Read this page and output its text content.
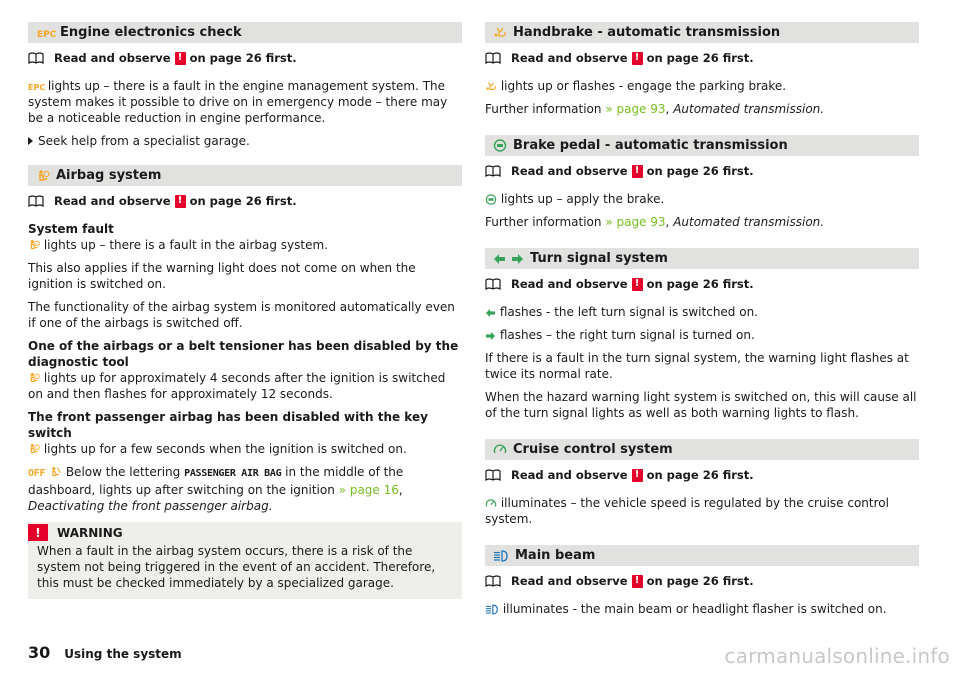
EPC Engine electronics check
Read and observe ! on page 26 first.

EPC lights up – there is a fault in the engine management system. The system makes it possible to drive on in emergency mode – there may be a noticeable reduction in engine performance.

Seek help from a specialist garage.
Airbag system
Read and observe ! on page 26 first.

System fault

lights up – there is a fault in the airbag system.

This also applies if the warning light does not come on when the ignition is switched on.

The functionality of the airbag system is monitored automatically even if one of the airbags is switched off.

One of the airbags or a belt tensioner has been disabled by the diagnostic tool

lights up for approximately 4 seconds after the ignition is switched on and then flashes for approximately 12 seconds.

The front passenger airbag has been disabled with the key switch

lights up for a few seconds when the ignition is switched on.

OFF Below the lettering PASSENGER AIR BAG in the middle of the dashboard, lights up after switching on the ignition » page 16, Deactivating the front passenger airbag.

!	WARNING
When a fault in the airbag system occurs, there is a risk of the system not being triggered in the event of an accident. Therefore, this must be checked immediately by a specialized garage.
Handbrake - automatic transmission
Read and observe ! on page 26 first.

lights up or flashes - engage the parking brake.

Further information » page 93, Automated transmission.

Brake pedal - automatic transmission
Read and observe ! on page 26 first.

lights up – apply the brake.

Further information » page 93, Automated transmission.

Turn signal system
Read and observe ! on page 26 first.

flashes - the left turn signal is switched on.

flashes – the right turn signal is turned on.

If there is a fault in the turn signal system, the warning light flashes at twice its normal rate.

When the hazard warning light system is switched on, this will cause all of the turn signal lights as well as both warning lights to flash.

Cruise control system
Read and observe ! on page 26 first.

illuminates – the vehicle speed is regulated by the cruise control system.

Main beam
Read and observe ! on page 26 first.

illuminates - the main beam or headlight flasher is switched on.

30 Using the system	carmanualsonline.info
